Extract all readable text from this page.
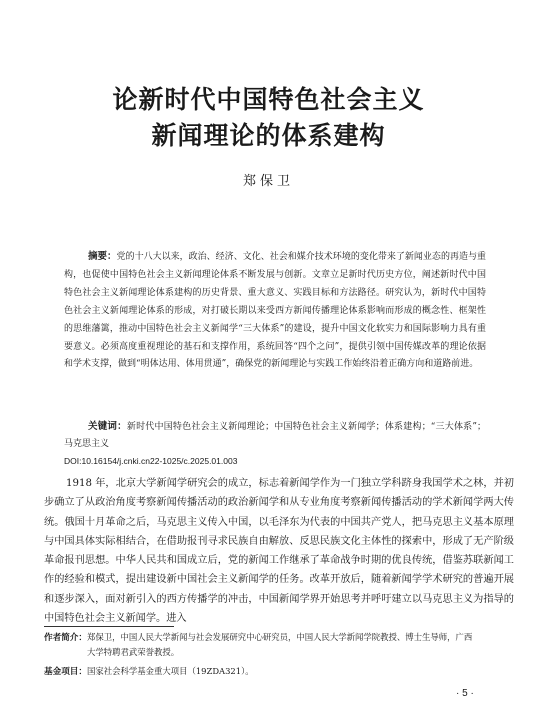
论新时代中国特色社会主义
新闻理论的体系建构
郑保卫
摘要：党的十八大以来，政治、经济、文化、社会和媒介技术环境的变化带来了新闻业态的再造与重构，也促使中国特色社会主义新闻理论体系不断发展与创新。文章立足新时代历史方位，阐述新时代中国特色社会主义新闻理论体系建构的历史背景、重大意义、实践目标和方法路径。研究认为，新时代中国特色社会主义新闻理论体系的形成，对打破长期以来受西方新闻传播理论体系影响而形成的概念性、框架性的思维藩篱，推动中国特色社会主义新闻学“三大体系”的建设，提升中国文化软实力和国际影响力具有重要意义。必须高度重视理论的基石和支撑作用，系统回答“四个之问”，提供引领中国传媒改革的理论依据和学术支撑，做到“明体达用、体用贯通”，确保党的新闻理论与实践工作始终沿着正确方向和道路前进。
关键词：新时代中国特色社会主义新闻理论；中国特色社会主义新闻学；体系建构；“三大体系”；马克思主义
DOI:10.16154/j.cnki.cn22-1025/c.2025.01.003
1918 年，北京大学新闻学研究会的成立，标志着新闻学作为一门独立学科跻身我国学术之林，并初步确立了从政治角度考察新闻传播活动的政治新闻学和从专业角度考察新闻传播活动的学术新闻学两大传统。俄国十月革命之后，马克思主义传入中国，以毛泽东为代表的中国共产党人，把马克思主义基本原理与中国具体实际相结合，在借助报刊寻求民族自由解放、反思民族文化主体性的探索中，形成了无产阶级革命报刊思想。中华人民共和国成立后，党的新闻工作继承了革命战争时期的优良传统，借鉴苏联新闻工作的经验和模式，提出建设新中国社会主义新闻学的任务。改革开放后，随着新闻学学术研究的普遍开展和逐步深入，面对新引入的西方传播学的冲击，中国新闻学界开始思考并呼吁建立以马克思主义为指导的中国特色社会主义新闻学。进入
作者简介：郑保卫，中国人民大学新闻与社会发展研究中心研究员，中国人民大学新闻学院教授、博士生导师，广西大学特聘君武荣誉教授。
基金项目：国家社会科学基金重大项目（19ZDA321）。
· 5 ·
